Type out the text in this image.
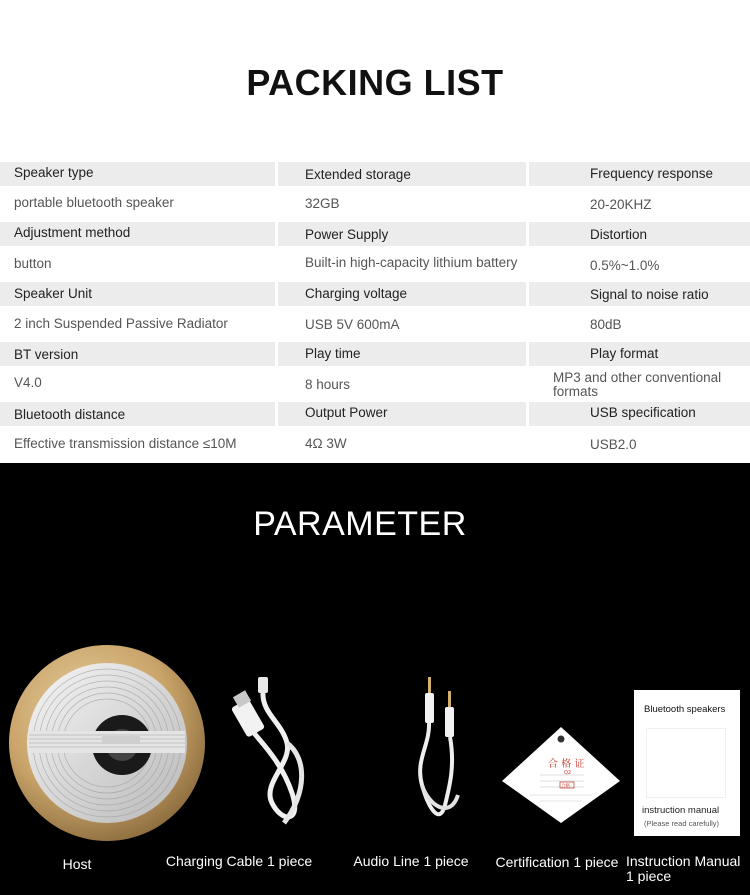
PACKING LIST
Speaker type	Extended storage	Frequency response
portable bluetooth speaker	32GB	20-20KHZ
Adjustment method	Power Supply	Distortion
button	Built-in high-capacity lithium battery	0.5%~1.0%
Speaker Unit	Charging voltage	Signal to noise ratio
2 inch Suspended Passive Radiator	USB 5V 600mA	80dB
BT version	Play time	Play format
V4.0	8 hours	MP3 and other conventional formats
Bluetooth distance	Output Power	USB specification
Effective transmission distance ≤10M	4Ω 3W	USB2.0
PARAMETER
合 格 证
Q2
合格
Bluetooth speakers
instruction manual
(Please read carefully)
Host	Charging Cable 1 piece	Audio Line 1 piece	Certification 1 piece Instruction Manual 1 piece
